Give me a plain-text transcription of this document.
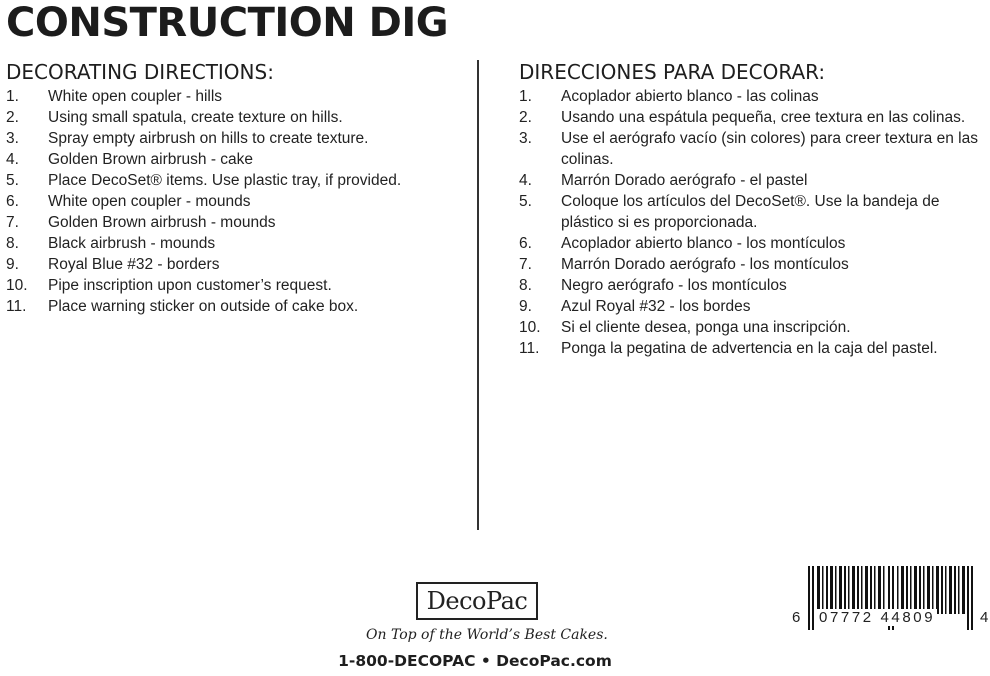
CONSTRUCTION DIG
DECORATING DIRECTIONS:
1. White open coupler - hills
2. Using small spatula, create texture on hills.
3. Spray empty airbrush on hills to create texture.
4. Golden Brown airbrush - cake
5. Place DecoSet® items. Use plastic tray, if provided.
6. White open coupler - mounds
7. Golden Brown airbrush - mounds
8. Black airbrush - mounds
9. Royal Blue #32 - borders
10. Pipe inscription upon customer’s request.
11. Place warning sticker on outside of cake box.
DIRECCIONES PARA DECORAR:
1. Acoplador abierto blanco - las colinas
2. Usando una espátula pequeña, cree textura en las colinas.
3. Use el aerógrafo vacío (sin colores) para creer textura en las colinas.
4. Marrón Dorado aerógrafo - el pastel
5. Coloque los artículos del DecoSet®. Use la bandeja de plástico si es proporcionada.
6. Acoplador abierto blanco - los montículos
7. Marrón Dorado aerógrafo - los montículos
8. Negro aerógrafo - los montículos
9. Azul Royal #32 - los bordes
10. Si el cliente desea, ponga una inscripción.
11. Ponga la pegatina de advertencia en la caja del pastel.
DecoPac
On Top of the World’s Best Cakes.
1-800-DECOPAC • DecoPac.com
6 07772 44809	4
